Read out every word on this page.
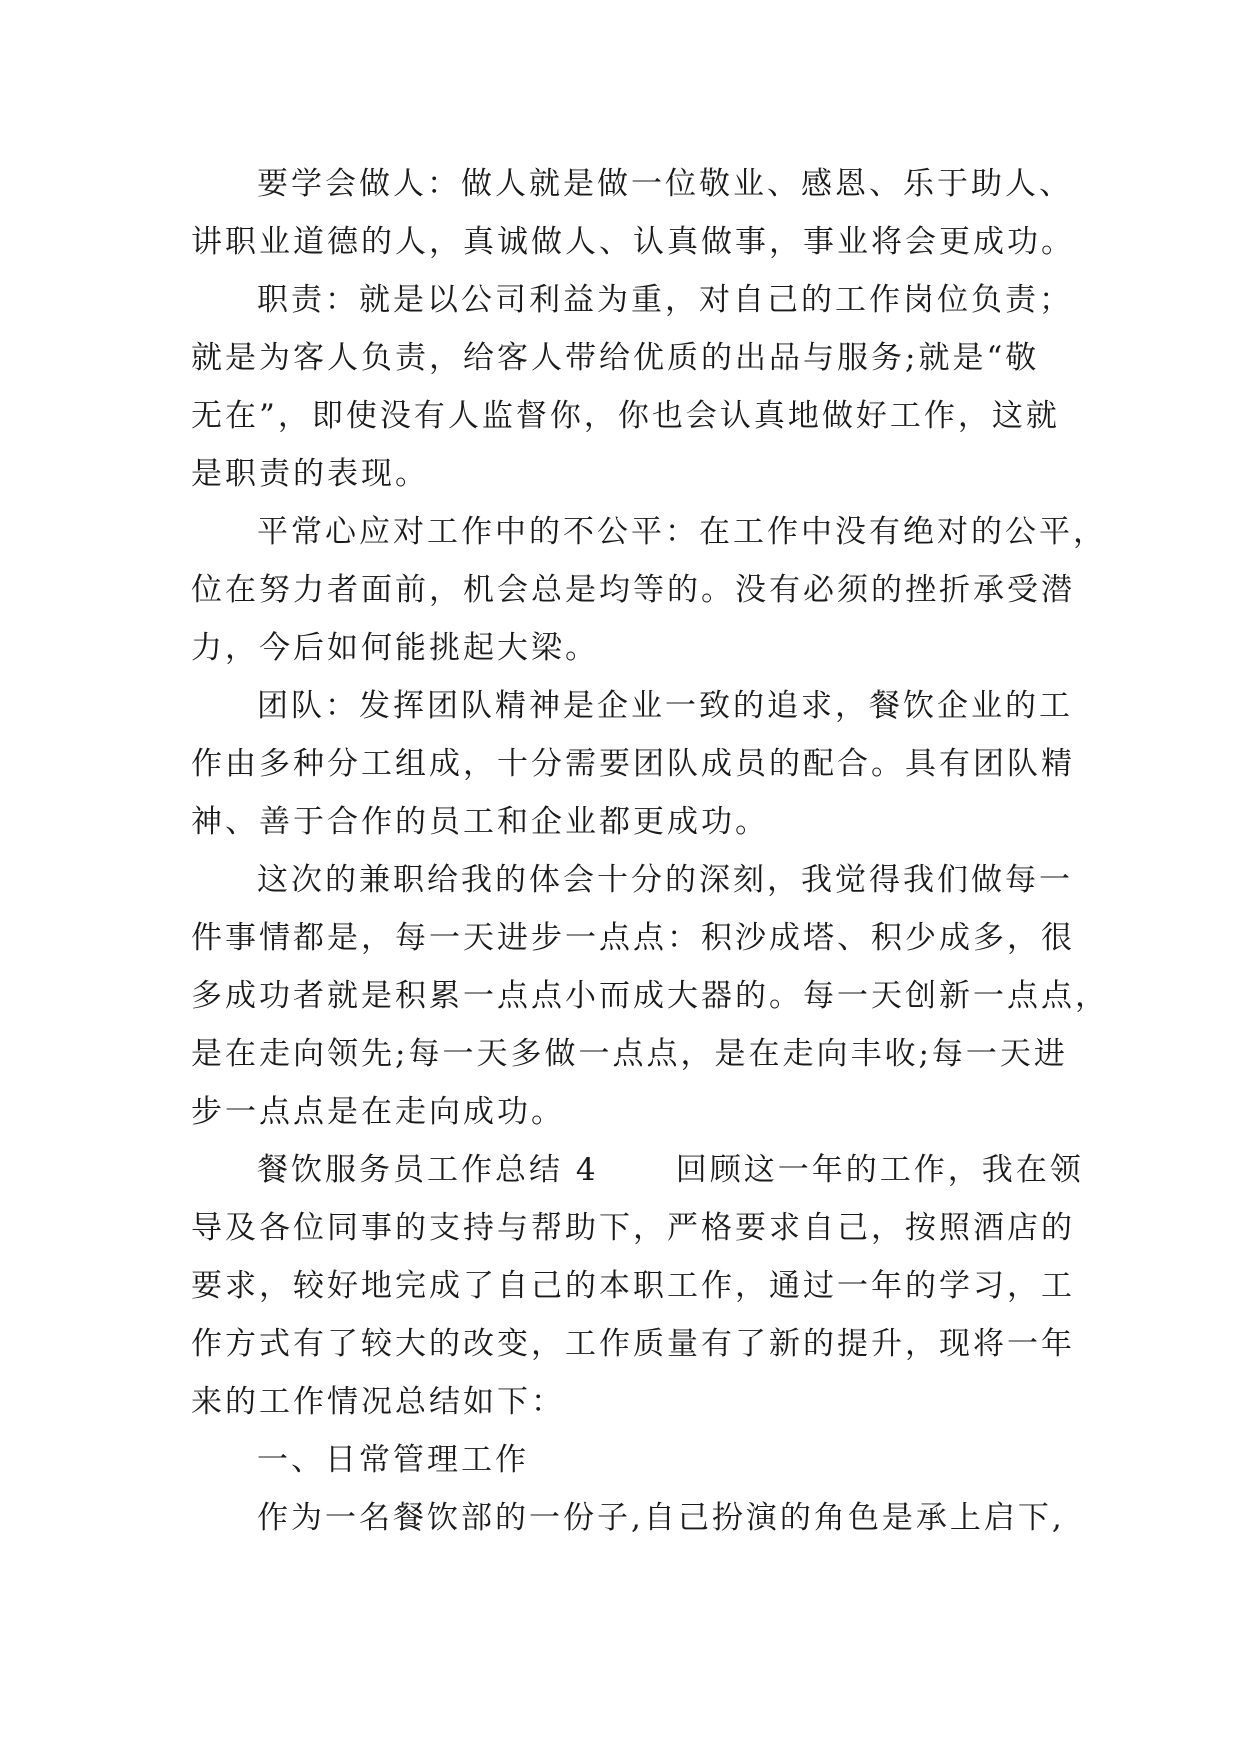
要学会做人：做人就是做一位敬业、感恩、乐于助人、
讲职业道德的人，真诚做人、认真做事，事业将会更成功。
职责：就是以公司利益为重，对自己的工作岗位负责；
就是为客人负责，给客人带给优质的出品与服务;就是“敬
无在”，即使没有人监督你，你也会认真地做好工作，这就
是职责的表现。
平常心应对工作中的不公平：在工作中没有绝对的公平，
位在努力者面前，机会总是均等的。没有必须的挫折承受潜
力，今后如何能挑起大梁。
团队：发挥团队精神是企业一致的追求，餐饮企业的工
作由多种分工组成，十分需要团队成员的配合。具有团队精
神、善于合作的员工和企业都更成功。
这次的兼职给我的体会十分的深刻，我觉得我们做每一
件事情都是，每一天进步一点点：积沙成塔、积少成多，很
多成功者就是积累一点点小而成大器的。每一天创新一点点，
是在走向领先;每一天多做一点点，是在走向丰收;每一天进
步一点点是在走向成功。
餐饮服务员工作总结 4      回顾这一年的工作，我在领
导及各位同事的支持与帮助下，严格要求自己，按照酒店的
要求，较好地完成了自己的本职工作，通过一年的学习，工
作方式有了较大的改变，工作质量有了新的提升，现将一年
来的工作情况总结如下：
一、日常管理工作
作为一名餐饮部的一份子,自己扮演的角色是承上启下,
